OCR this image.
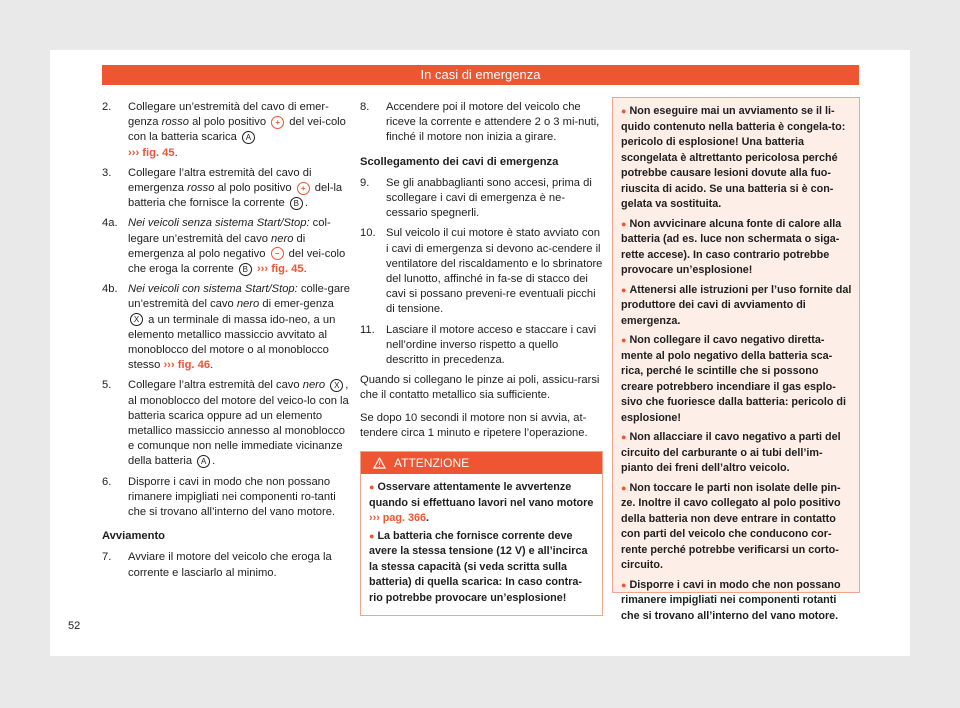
In casi di emergenza
2.	Collegare un’estremità del cavo di emer-genza rosso al polo positivo + del vei-colo con la batteria scarica A
››› fig. 45.
3.	Collegare l’altra estremità del cavo di emergenza rosso al polo positivo + del-la batteria che fornisce la corrente B .
4a. Nei veicoli senza sistema Start/Stop: col-legare un’estremità del cavo nero di emergenza al polo negativo – del vei-colo che eroga la corrente B ››› fig. 45.
4b. Nei veicoli con sistema Start/Stop: colle-gare un’estremità del cavo nero di emer-genza X a un terminale di massa ido-neo, a un elemento metallico massiccio avvitato al monoblocco del motore o al monoblocco stesso ››› fig. 46.
5.	Collegare l’altra estremità del cavo nero X , al monoblocco del motore del veico-lo con la batteria scarica oppure ad un elemento metallico massiccio annesso al monoblocco e comunque non nelle immediate vicinanze della batteria A .
6.	Disporre i cavi in modo che non possano rimanere impigliati nei componenti ro-tanti che si trovano all’interno del vano motore.
Avviamento
7.	Avviare il motore del veicolo che eroga la corrente e lasciarlo al minimo.
8.	Accendere poi il motore del veicolo che riceve la corrente e attendere 2 o 3 mi-nuti, finché il motore non inizia a girare.
Scollegamento dei cavi di emergenza
9.	Se gli anabbaglianti sono accesi, prima di scollegare i cavi di emergenza è ne-cessario spegnerli.
10. Sul veicolo il cui motore è stato avviato con i cavi di emergenza si devono ac-cendere il ventilatore del riscaldamento e lo sbrinatore del lunotto, affinché in fa-se di stacco dei cavi si possano preveni-re eventuali picchi di tensione.
11.	Lasciare il motore acceso e staccare i cavi nell’ordine inverso rispetto a quello descritto in precedenza.

Quando si collegano le pinze ai poli, assicu-rarsi che il contatto metallico sia sufficiente.

Se dopo 10 secondi il motore non si avvia, at-tendere circa 1 minuto e ripetere l’operazione.

ATTENZIONE
● Osservare attentamente le avvertenze quando si effettuano lavori nel vano motore ››› pag. 366.
● La batteria che fornisce corrente deve avere la stessa tensione (12 V) e all’incirca la stessa capacità (si veda scritta sulla batteria) di quella scarica: In caso contra-rio potrebbe provocare un’esplosione!
● Non eseguire mai un avviamento se il li-quido contenuto nella batteria è congela-to: pericolo di esplosione! Una batteria scongelata è altrettanto pericolosa perché potrebbe causare lesioni dovute alla fuo-riuscita di acido. Se una batteria si è con-gelata va sostituita.
● Non avvicinare alcuna fonte di calore alla batteria (ad es. luce non schermata o siga-rette accese). In caso contrario potrebbe provocare un’esplosione!
● Attenersi alle istruzioni per l’uso fornite dal produttore dei cavi di avviamento di emergenza.
● Non collegare il cavo negativo diretta-mente al polo negativo della batteria sca-rica, perché le scintille che si possono creare potrebbero incendiare il gas esplo-sivo che fuoriesce dalla batteria: pericolo di esplosione!
● Non allacciare il cavo negativo a parti del circuito del carburante o ai tubi dell’im-pianto dei freni dell’altro veicolo.
● Non toccare le parti non isolate delle pin-ze. Inoltre il cavo collegato al polo positivo della batteria non deve entrare in contatto con parti del veicolo che conducono cor-rente perché potrebbe verificarsi un corto-circuito.
● Disporre i cavi in modo che non possano rimanere impigliati nei componenti rotanti che si trovano all’interno del vano motore.
52
